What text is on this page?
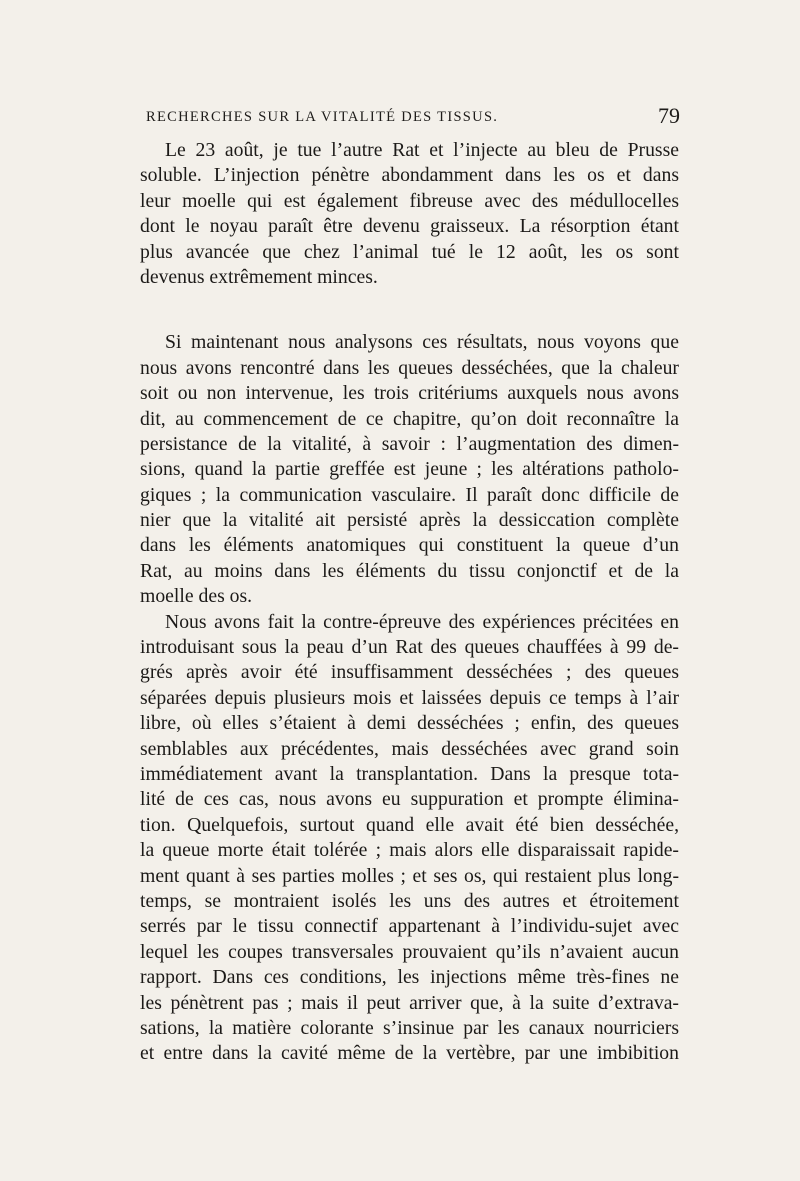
RECHERCHES SUR LA VITALITÉ DES TISSUS.	79
Le 23 août, je tue l’autre Rat et l’injecte au bleu de Prusse
soluble. L’injection pénètre abondamment dans les os et dans
leur moelle qui est également fibreuse avec des médullocelles
dont le noyau paraît être devenu graisseux. La résorption étant
plus avancée que chez l’animal tué le 12 août, les os sont
devenus extrêmement minces.
Si maintenant nous analysons ces résultats, nous voyons que
nous avons rencontré dans les queues desséchées, que la chaleur
soit ou non intervenue, les trois critériums auxquels nous avons
dit, au commencement de ce chapitre, qu’on doit reconnaître la
persistance de la vitalité, à savoir : l’augmentation des dimen-
sions, quand la partie greffée est jeune ; les altérations patholo-
giques ; la communication vasculaire. Il paraît donc difficile de
nier que la vitalité ait persisté après la dessiccation complète
dans les éléments anatomiques qui constituent la queue d’un
Rat, au moins dans les éléments du tissu conjonctif et de la
moelle des os.
Nous avons fait la contre-épreuve des expériences précitées en
introduisant sous la peau d’un Rat des queues chauffées à 99 de-
grés après avoir été insuffisamment desséchées ; des queues
séparées depuis plusieurs mois et laissées depuis ce temps à l’air
libre, où elles s’étaient à demi desséchées ; enfin, des queues
semblables aux précédentes, mais desséchées avec grand soin
immédiatement avant la transplantation. Dans la presque tota-
lité de ces cas, nous avons eu suppuration et prompte élimina-
tion. Quelquefois, surtout quand elle avait été bien desséchée,
la queue morte était tolérée ; mais alors elle disparaissait rapide-
ment quant à ses parties molles ; et ses os, qui restaient plus long-
temps, se montraient isolés les uns des autres et étroitement
serrés par le tissu connectif appartenant à l’individu-sujet avec
lequel les coupes transversales prouvaient qu’ils n’avaient aucun
rapport. Dans ces conditions, les injections même très-fines ne
les pénètrent pas ; mais il peut arriver que, à la suite d’extrava-
sations, la matière colorante s’insinue par les canaux nourriciers
et entre dans la cavité même de la vertèbre, par une imbibition
